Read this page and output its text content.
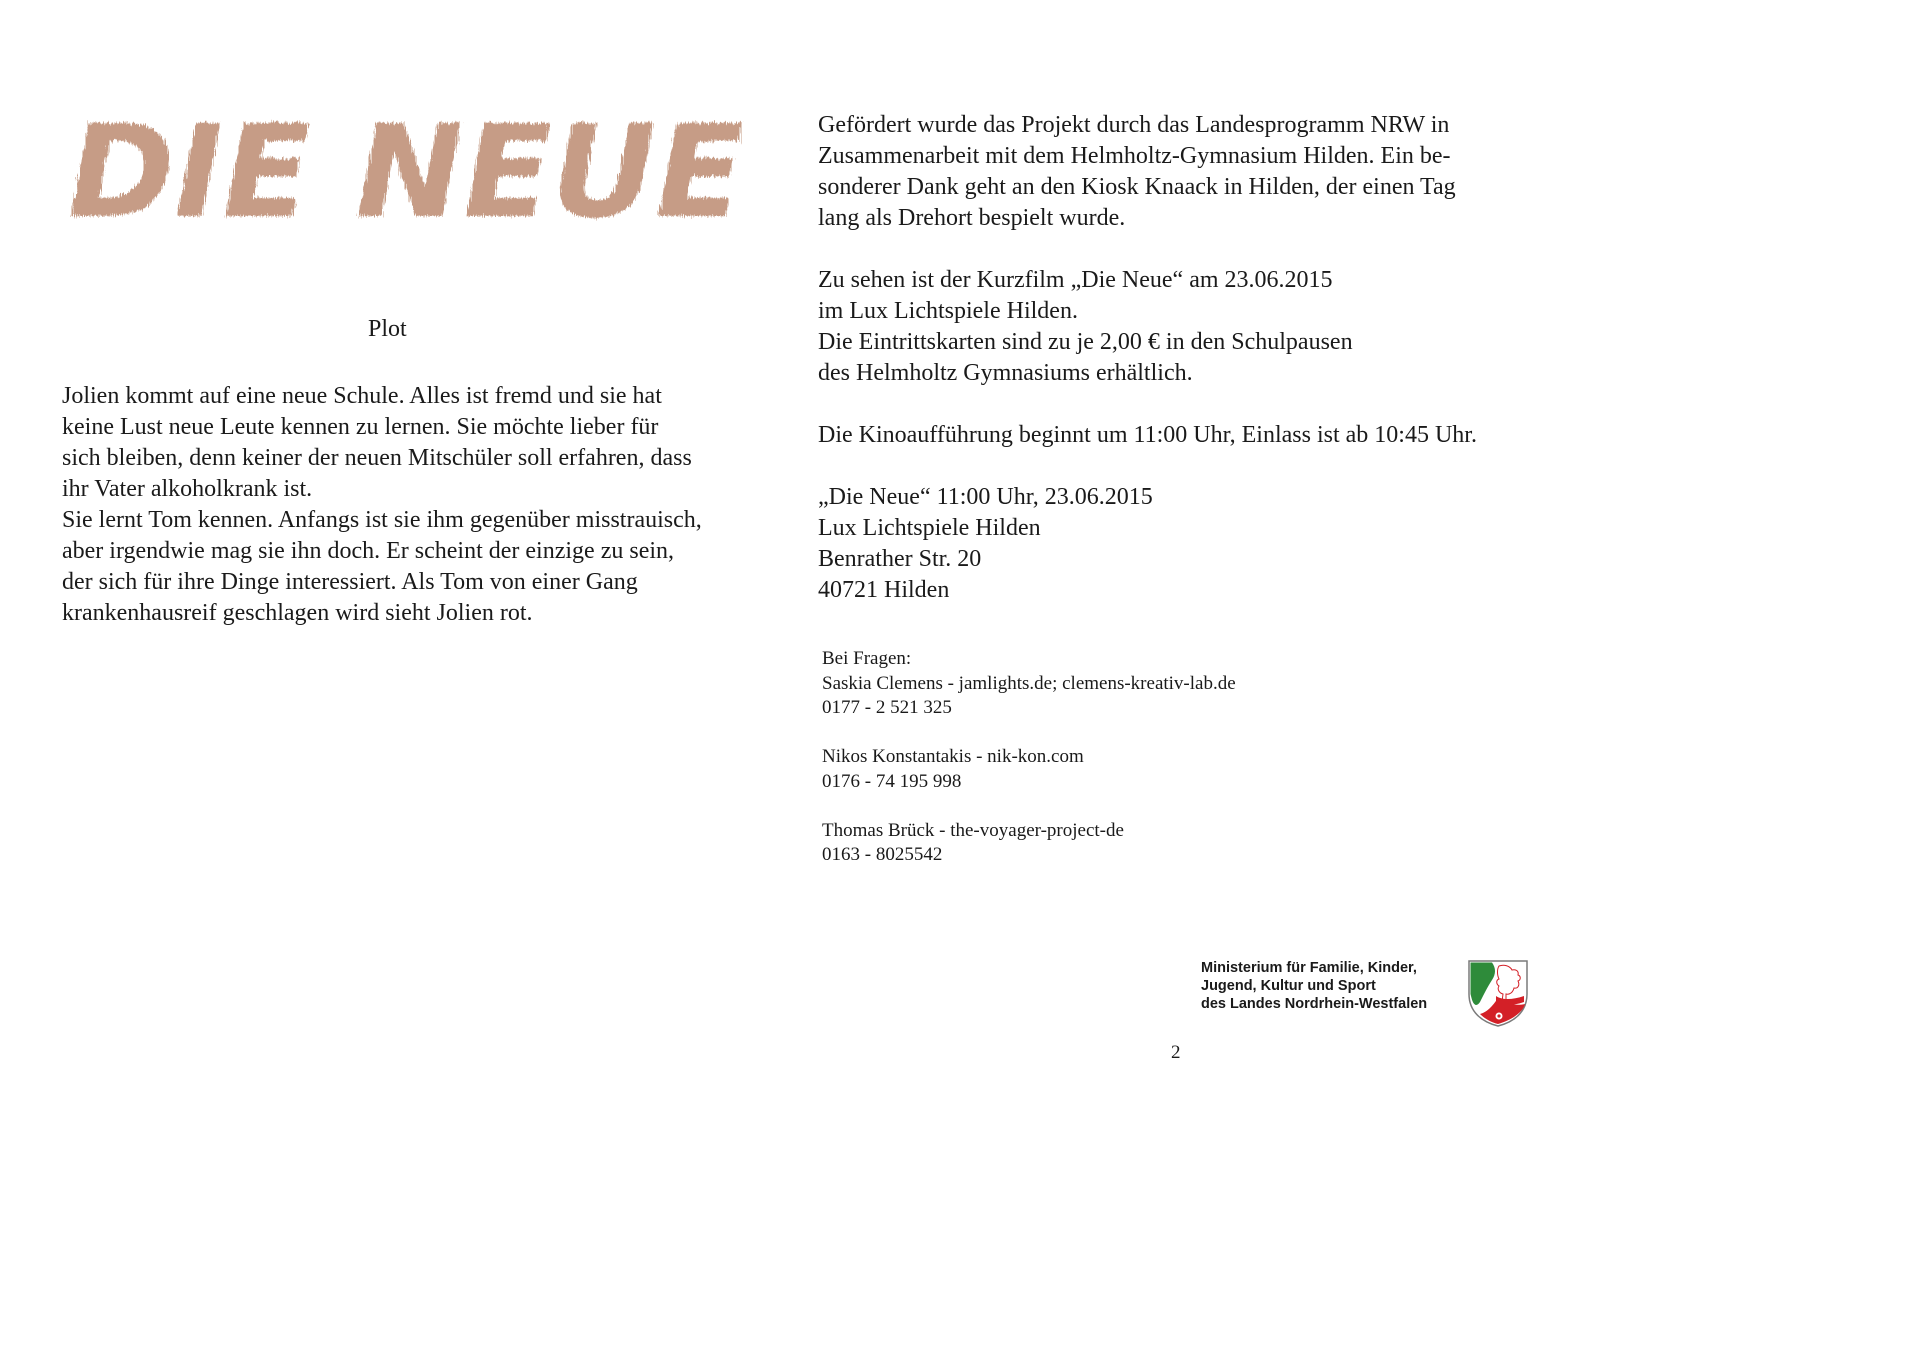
DIE NEUE
Plot

Jolien kommt auf eine neue Schule. Alles ist fremd und sie hat

keine Lust neue Leute kennen zu lernen. Sie möchte lieber für

sich bleiben, denn keiner der neuen Mitschüler soll erfahren, dass

ihr Vater alkoholkrank ist.

Sie lernt Tom kennen. Anfangs ist sie ihm gegenüber misstrauisch,

aber irgendwie mag sie ihn doch. Er scheint der einzige zu sein,

der sich für ihre Dinge interessiert. Als Tom von einer Gang

krankenhausreif geschlagen wird sieht Jolien rot.

Gefördert wurde das Projekt durch das Landesprogramm NRW in
Zusammenarbeit mit dem Helmholtz-Gymnasium Hilden. Ein be-
sonderer Dank geht an den Kiosk Knaack in Hilden, der einen Tag
lang als Drehort bespielt wurde.

Zu sehen ist der Kurzfilm „Die Neue“ am 23.06.2015
im Lux Lichtspiele Hilden.
Die Eintrittskarten sind zu je 2,00 € in den Schulpausen
des Helmholtz Gymnasiums erhältlich.

Die Kinoaufführung beginnt um 11:00 Uhr, Einlass ist ab 10:45 Uhr.

„Die Neue“ 11:00 Uhr, 23.06.2015
Lux Lichtspiele Hilden
Benrather Str. 20
40721 Hilden

Bei Fragen:
Saskia Clemens - jamlights.de; clemens-kreativ-lab.de
0177 - 2 521 325
Nikos Konstantakis - nik-kon.com
0176 - 74 195 998
Thomas Brück - the-voyager-project-de
0163 - 8025542
Ministerium für Familie, Kinder,
Jugend, Kultur und Sport
des Landes Nordrhein-Westfalen
2
